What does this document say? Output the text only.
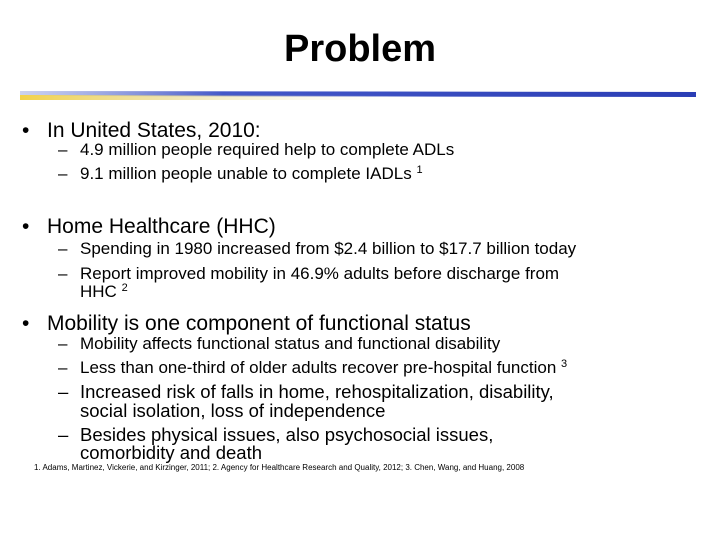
Problem
• In United States, 2010:
– 4.9 million people required help to complete ADLs
– 9.1 million people unable to complete IADLs $^1$
• Home Healthcare (HHC)
– Spending in 1980 increased from $2.4 billion to $17.7 billion today
– Report improved mobility in 46.9% adults before discharge from
HHC $^2$
• Mobility is one component of functional status
– Mobility affects functional status and functional disability
– Less than one-third of older adults recover pre-hospital function $^3$
– Increased risk of falls in home, rehospitalization, disability,
social isolation, loss of independence
– Besides physical issues, also psychosocial issues,
comorbidity and death
1. Adams, Martinez, Vickerie, and Kirzinger, 2011; 2. Agency for Healthcare Research and Quality, 2012; 3. Chen, Wang, and Huang, 2008
